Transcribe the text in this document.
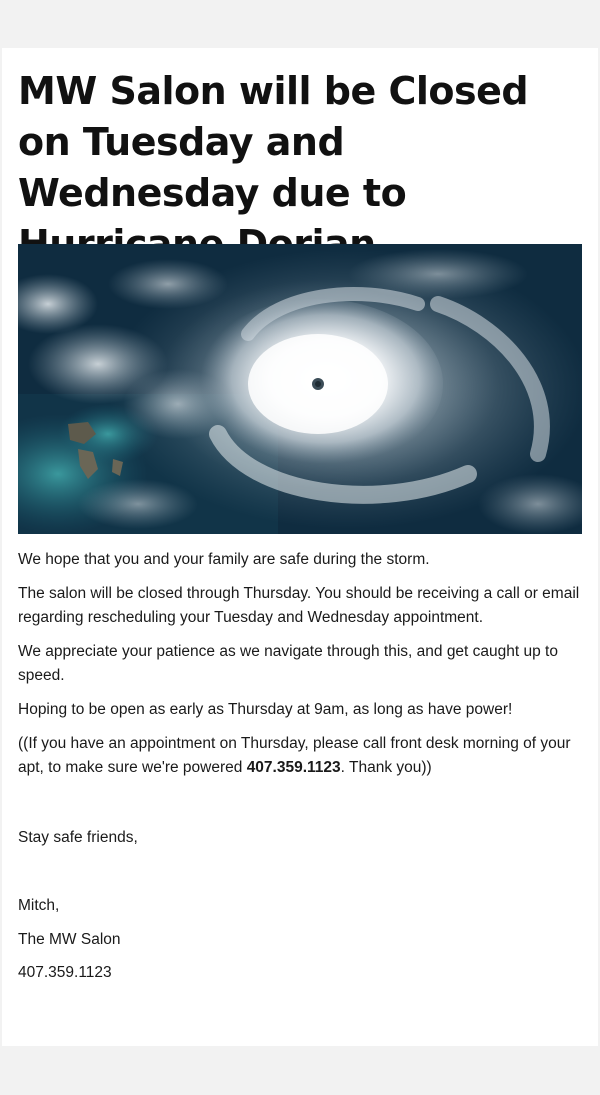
MW Salon will be Closed on Tuesday and Wednesday due to

We hope that you and your family are safe during the storm.

The salon will be closed through Thursday. You should be receiving a call or email regarding rescheduling your Tuesday and Wednesday appointment.

We appreciate your patience as we navigate through this, and get caught up to speed.

Hoping to be open as early as Thursday at 9am, as long as have power!

((If you have an appointment on Thursday, please call front desk morning of your apt, to make sure we're powered 407.359.1123. Thank you))

Stay safe friends,

Mitch,

The MW Salon

407.359.1123
